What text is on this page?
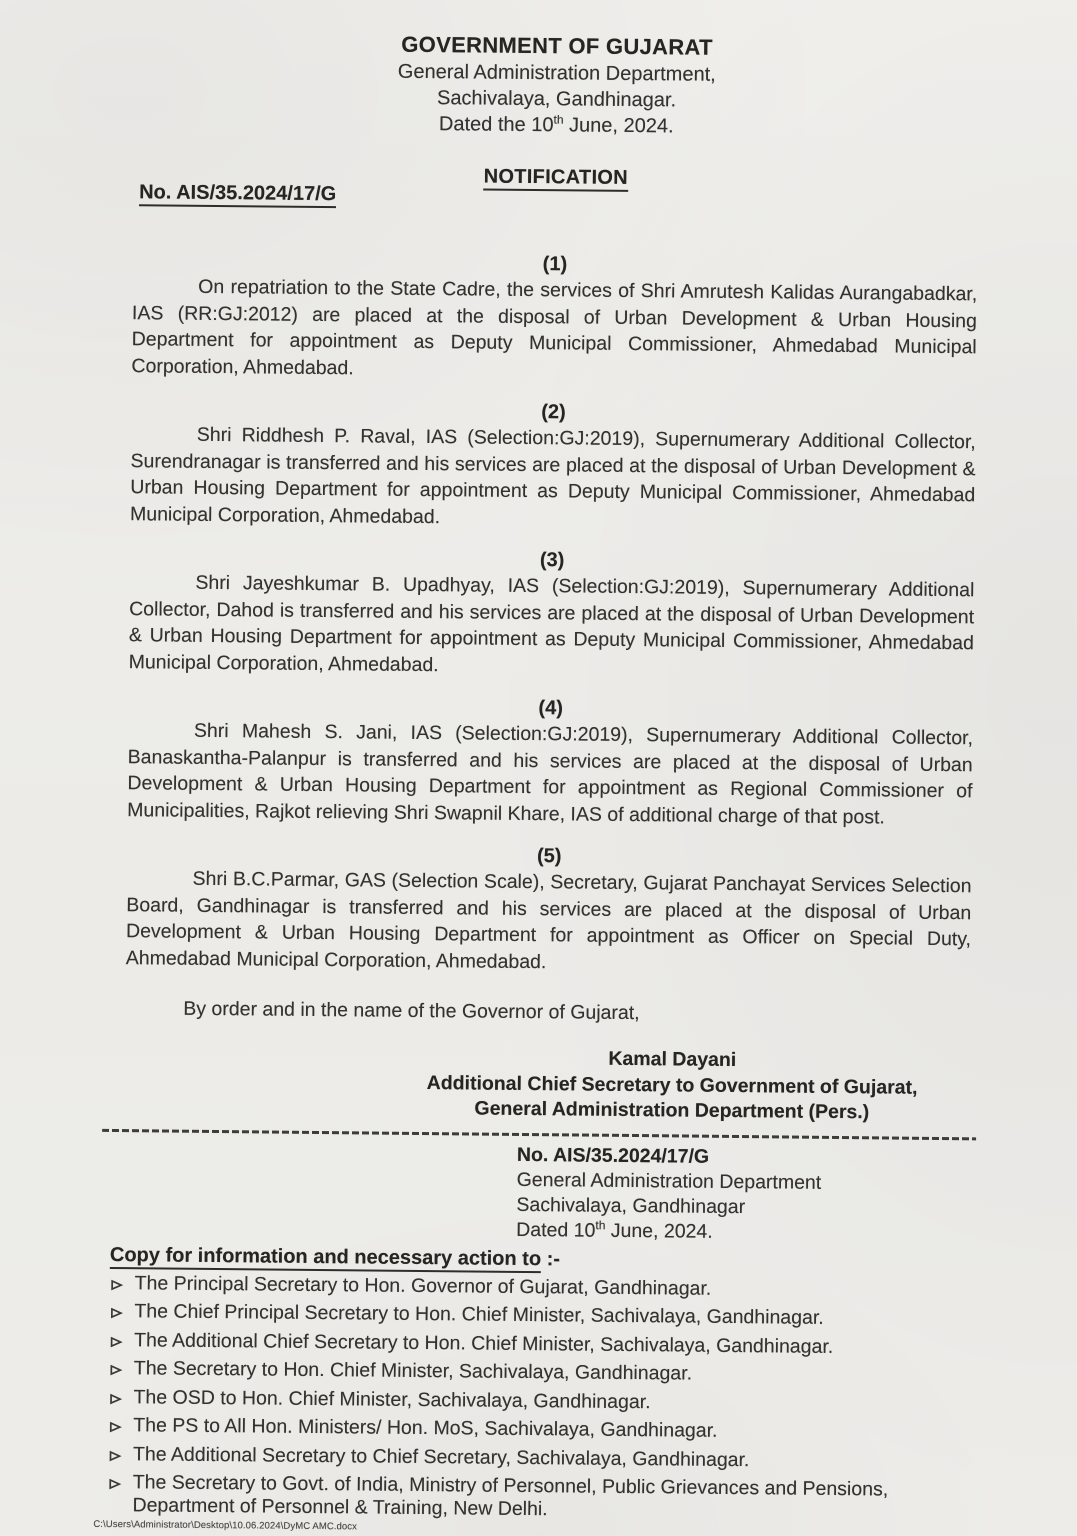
GOVERNMENT OF GUJARAT
General Administration Department,
Sachivalaya, Gandhinagar.
Dated the 10th June, 2024.
NOTIFICATION
No. AIS/35.2024/17/G
(1)

On repatriation to the State Cadre, the services of Shri Amrutesh Kalidas Aurangabadkar, IAS (RR:GJ:2012) are placed at the disposal of Urban Development & Urban Housing Department for appointment as Deputy Municipal Commissioner, Ahmedabad Municipal Corporation, Ahmedabad.

(2)

Shri Riddhesh P. Raval, IAS (Selection:GJ:2019), Supernumerary Additional Collector, Surendranagar is transferred and his services are placed at the disposal of Urban Development & Urban Housing Department for appointment as Deputy Municipal Commissioner, Ahmedabad Municipal Corporation, Ahmedabad.

(3)

Shri Jayeshkumar B. Upadhyay, IAS (Selection:GJ:2019), Supernumerary Additional Collector, Dahod is transferred and his services are placed at the disposal of Urban Development & Urban Housing Department for appointment as Deputy Municipal Commissioner, Ahmedabad Municipal Corporation, Ahmedabad.

(4)

Shri Mahesh S. Jani, IAS (Selection:GJ:2019), Supernumerary Additional Collector, Banaskantha-Palanpur is transferred and his services are placed at the disposal of Urban Development & Urban Housing Department for appointment as Regional Commissioner of Municipalities, Rajkot relieving Shri Swapnil Khare, IAS of additional charge of that post.

(5)

Shri B.C.Parmar, GAS (Selection Scale), Secretary, Gujarat Panchayat Services Selection Board, Gandhinagar is transferred and his services are placed at the disposal of Urban Development & Urban Housing Department for appointment as Officer on Special Duty, Ahmedabad Municipal Corporation, Ahmedabad.

By order and in the name of the Governor of Gujarat,

Kamal Dayani
Additional Chief Secretary to Government of Gujarat,
General Administration Department (Pers.)
No. AIS/35.2024/17/G
General Administration Department
Sachivalaya, Gandhinagar
Dated 10th June, 2024.
Copy for information and necessary action to :-
The Principal Secretary to Hon. Governor of Gujarat, Gandhinagar.
The Chief Principal Secretary to Hon. Chief Minister, Sachivalaya, Gandhinagar.
The Additional Chief Secretary to Hon. Chief Minister, Sachivalaya, Gandhinagar.
The Secretary to Hon. Chief Minister, Sachivalaya, Gandhinagar.
The OSD to Hon. Chief Minister, Sachivalaya, Gandhinagar.
The PS to All Hon. Ministers/ Hon. MoS, Sachivalaya, Gandhinagar.
The Additional Secretary to Chief Secretary, Sachivalaya, Gandhinagar.
The Secretary to Govt. of India, Ministry of Personnel, Public Grievances and Pensions, Department of Personnel & Training, New Delhi.
C:\Users\Administrator\Desktop\10.06.2024\DyMC AMC.docx
